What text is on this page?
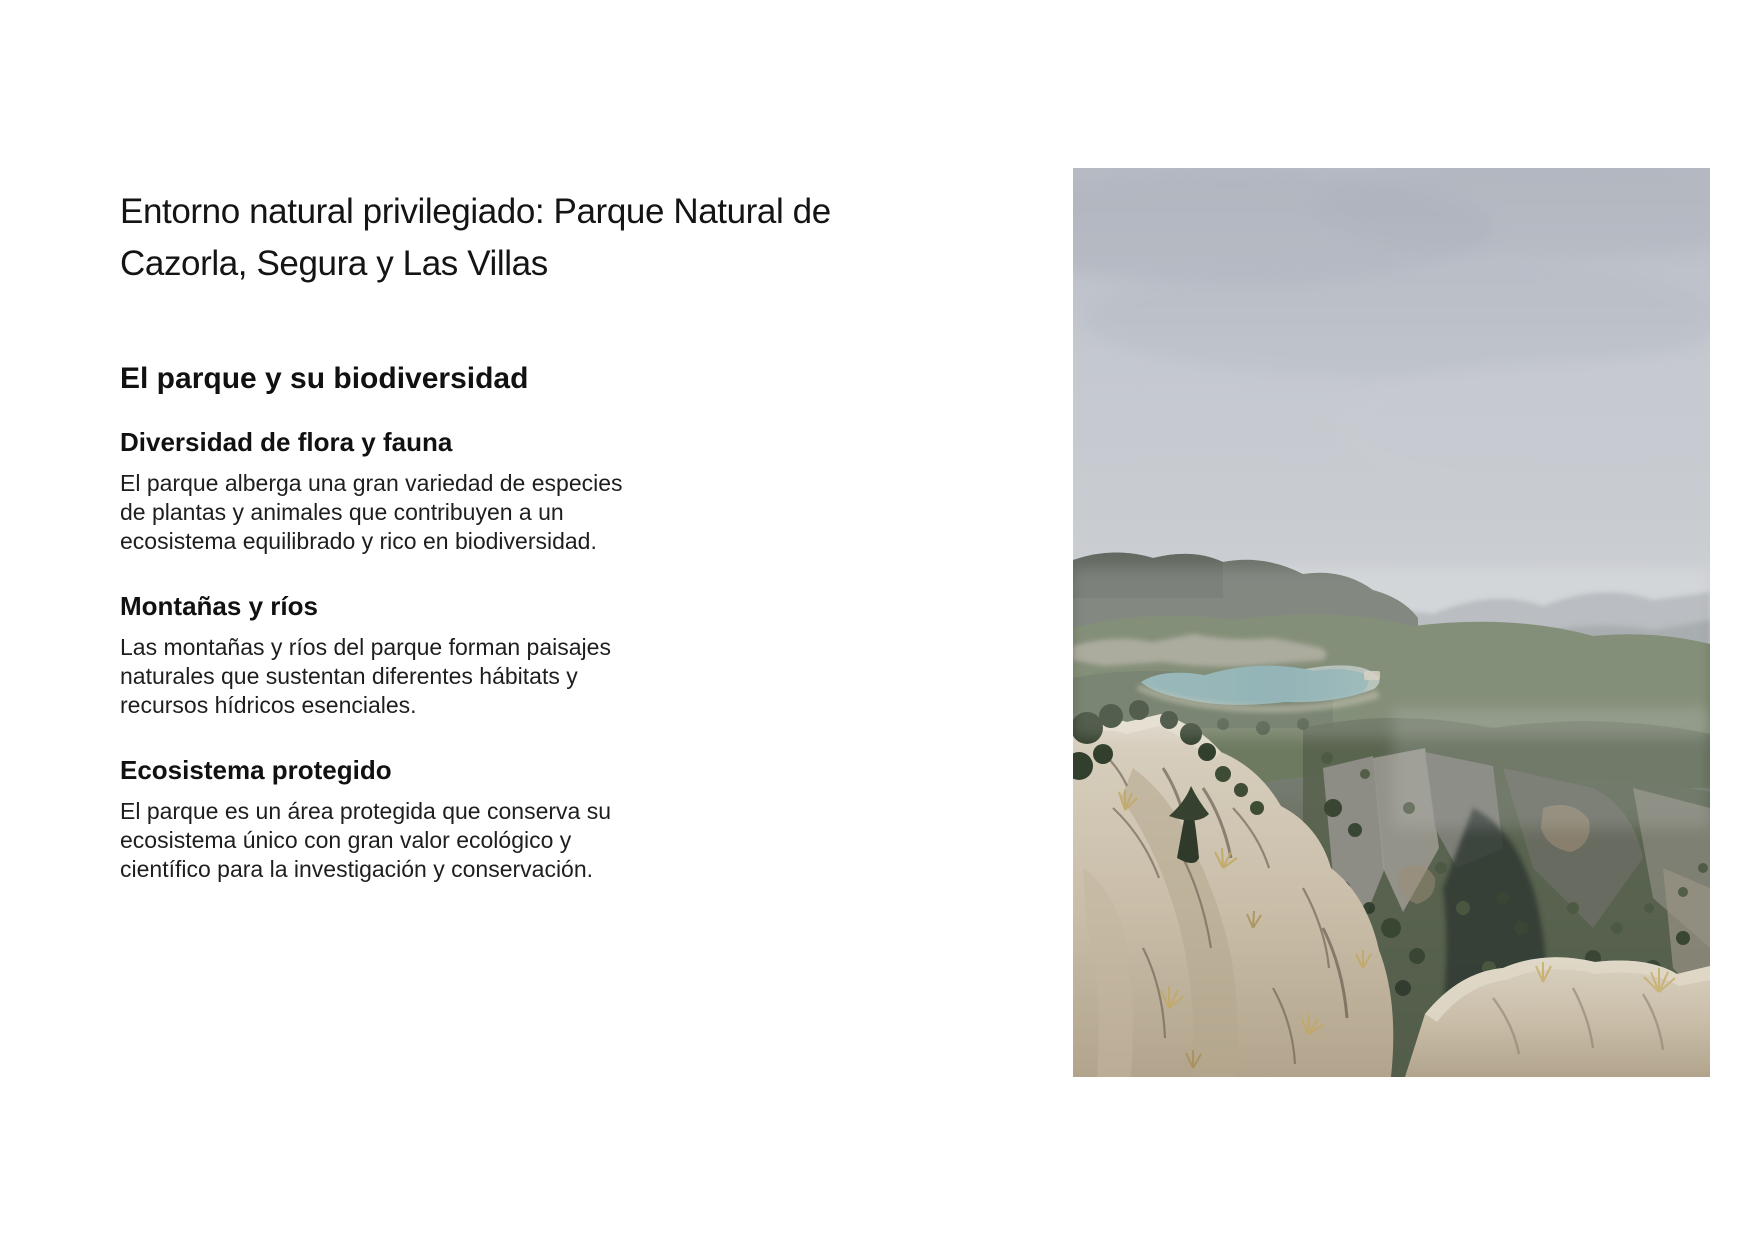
Entorno natural privilegiado: Parque Natural de Cazorla, Segura y Las Villas
El parque y su biodiversidad
Diversidad de flora y fauna
El parque alberga una gran variedad de especies de plantas y animales que contribuyen a un ecosistema equilibrado y rico en biodiversidad.
Montañas y ríos
Las montañas y ríos del parque forman paisajes naturales que sustentan diferentes hábitats y recursos hídricos esenciales.
Ecosistema protegido
El parque es un área protegida que conserva su ecosistema único con gran valor ecológico y científico para la investigación y conservación.
